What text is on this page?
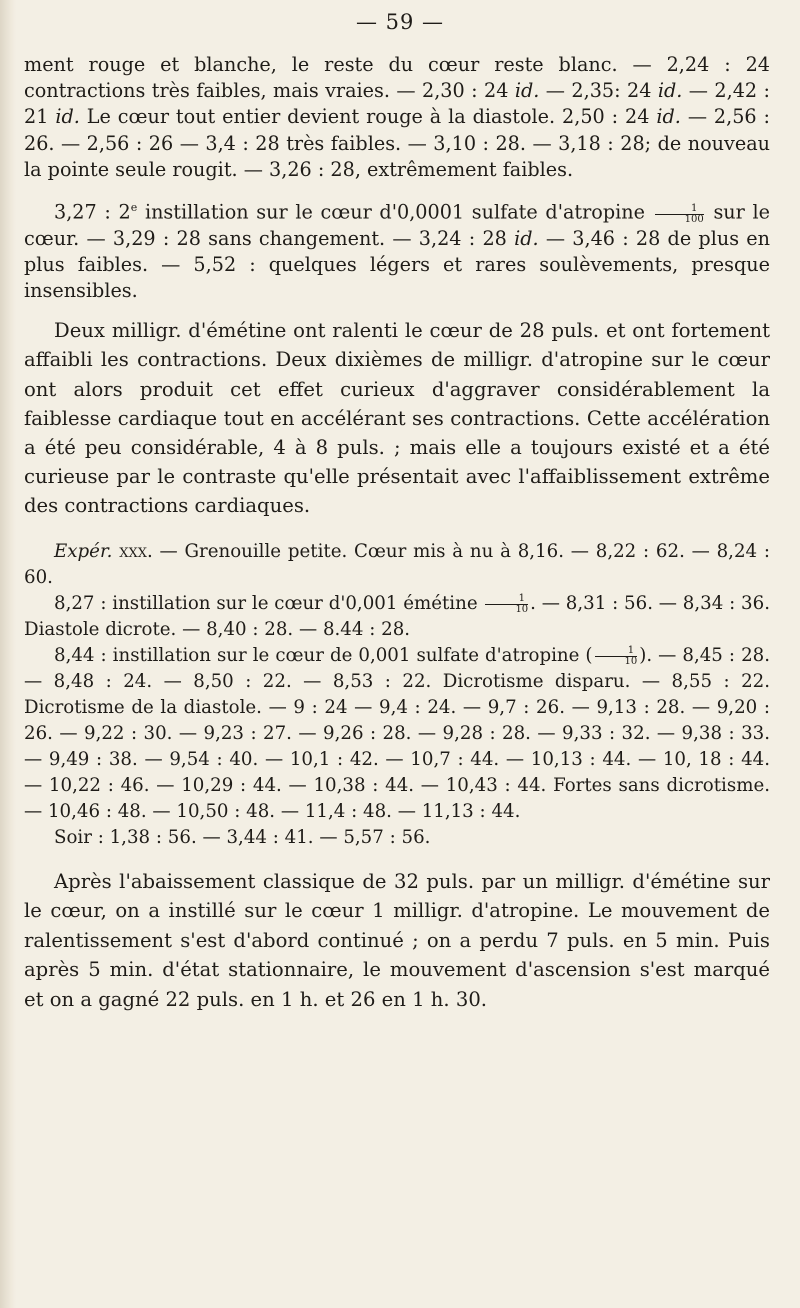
— 59 —

ment rouge et blanche, le reste du cœur reste blanc. — 2,24 : 24 contractions très faibles, mais vraies. — 2,30 : 24 id. — 2,35: 24 id. — 2,42 : 21 id. Le cœur tout entier devient rouge à la diastole. 2,50 : 24 id. — 2,56 : 26. — 2,56 : 26 — 3,4 : 28 très faibles. — 3,10 : 28. — 3,18 : 28; de nouveau la pointe seule rougit. — 3,26 : 28, extrêmement faibles.

3,27 : 2e instillation sur le cœur d'0,0001 sulfate d'atropine $\frac{1}{100}$ sur le cœur. — 3,29 : 28 sans changement. — 3,24 : 28 id. — 3,46 : 28 de plus en plus faibles. — 5,52 : quelques légers et rares soulèvements, presque insensibles.

Deux milligr. d'émétine ont ralenti le cœur de 28 puls. et ont fortement affaibli les contractions. Deux dixièmes de milligr. d'atropine sur le cœur ont alors produit cet effet curieux d'aggraver considérablement la faiblesse cardiaque tout en accélérant ses contractions. Cette accélération a été peu considérable, 4 à 8 puls. ; mais elle a toujours existé et a été curieuse par le contraste qu'elle présentait avec l'affaiblissement extrême des contractions cardiaques.

Expér. xxx. — Grenouille petite. Cœur mis à nu à 8,16. — 8,22 : 62. — 8,24 : 60.

8,27 : instillation sur le cœur d'0,001 émétine $\frac{1}{10}$ . — 8,31 : 56. — 8,34 : 36. Diastole dicrote. — 8,40 : 28. — 8.44 : 28.

8,44 : instillation sur le cœur de 0,001 sulfate d'atropine ( $\frac{1}{10}$ ). — 8,45 : 28. — 8,48 : 24. — 8,50 : 22. — 8,53 : 22. Dicrotisme disparu. — 8,55 : 22. Dicrotisme de la diastole. — 9 : 24 — 9,4 : 24. — 9,7 : 26. — 9,13 : 28. — 9,20 : 26. — 9,22 : 30. — 9,23 : 27. — 9,26 : 28. — 9,28 : 28. — 9,33 : 32. — 9,38 : 33. — 9,49 : 38. — 9,54 : 40. — 10,1 : 42. — 10,7 : 44. — 10,13 : 44. — 10, 18 : 44. — 10,22 : 46. — 10,29 : 44. — 10,38 : 44. — 10,43 : 44. Fortes sans dicrotisme. — 10,46 : 48. — 10,50 : 48. — 11,4 : 48. — 11,13 : 44.

Soir : 1,38 : 56. — 3,44 : 41. — 5,57 : 56.

Après l'abaissement classique de 32 puls. par un milligr. d'émétine sur le cœur, on a instillé sur le cœur 1 milligr. d'atropine. Le mouvement de ralentissement s'est d'abord continué ; on a perdu 7 puls. en 5 min. Puis après 5 min. d'état stationnaire, le mouvement d'ascension s'est marqué et on a gagné 22 puls. en 1 h. et 26 en 1 h. 30.
